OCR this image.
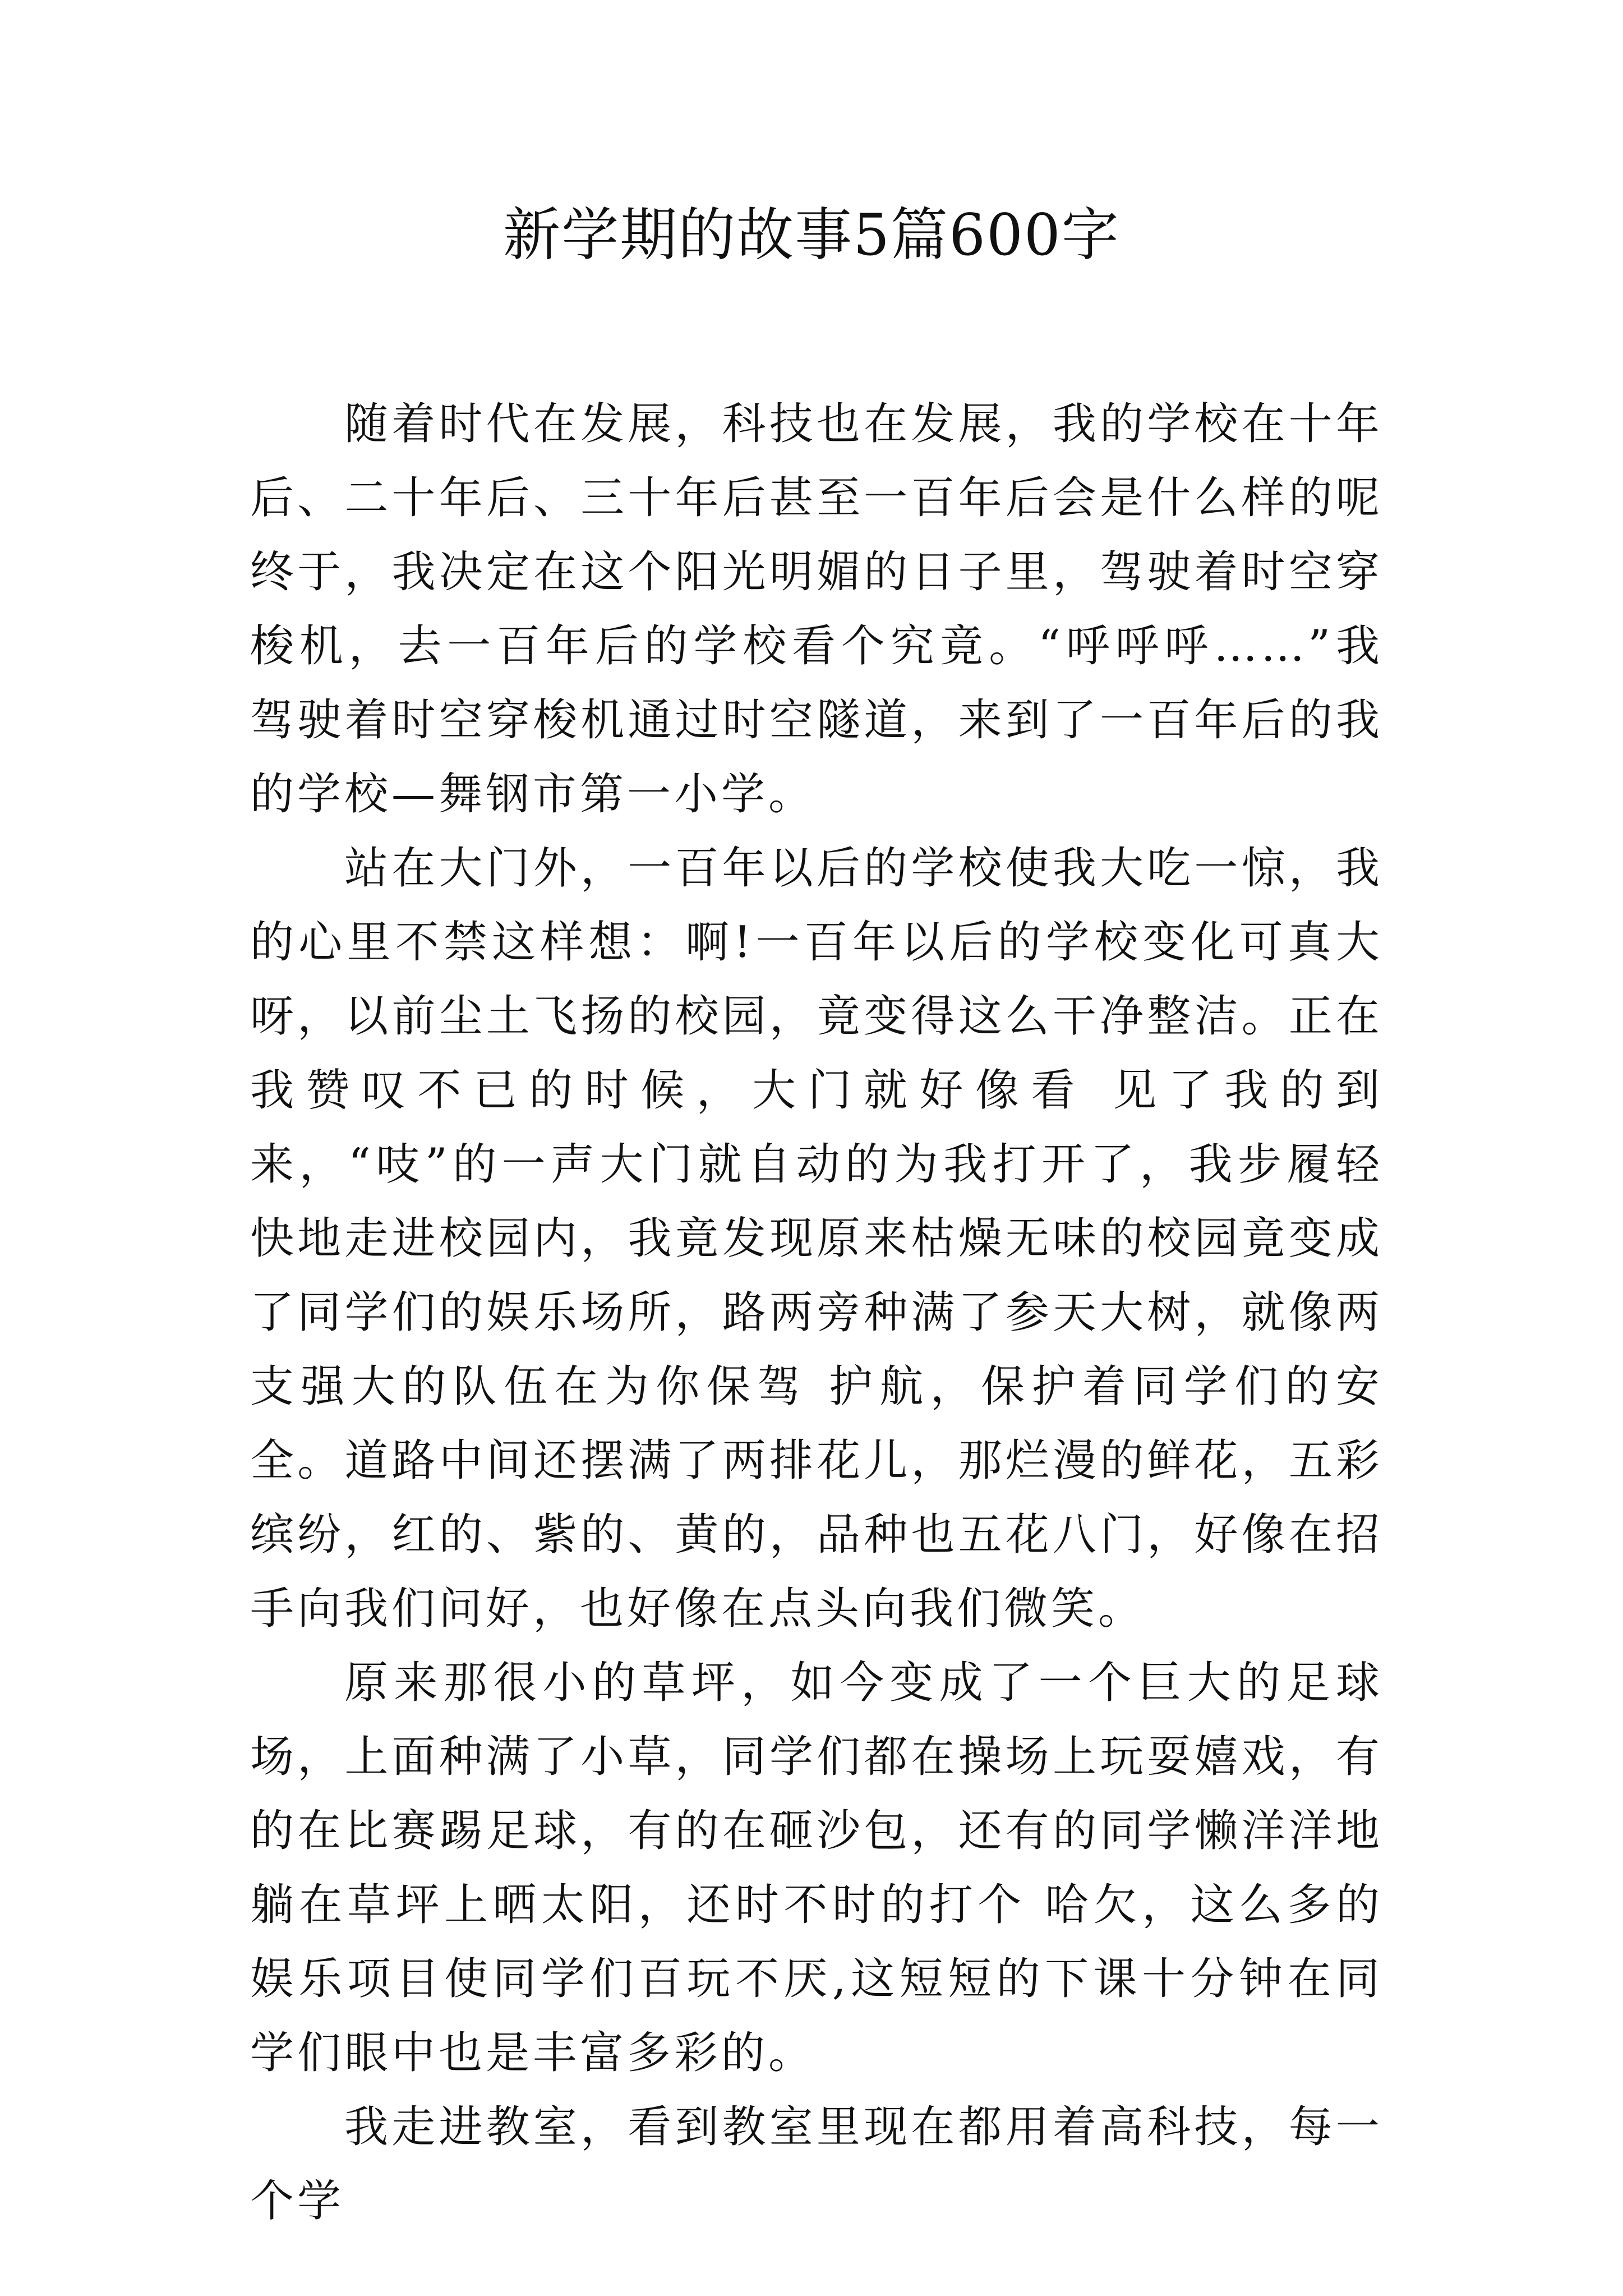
新学期的故事5篇600字

随着时代在发展，科技也在发展，我的学校在十年后、二十年后、三十年后甚至一百年后会是什么样的呢终于，我决定在这个阳光明媚的日子里，驾驶着时空穿梭机，去一百年后的学校看个究竟。“呼呼呼……”我驾驶着时空穿梭机通过时空隧道，来到了一百年后的我的学校—舞钢市第一小学。

站在大门外，一百年以后的学校使我大吃一惊，我的心里不禁这样想：啊!一百年以后的学校变化可真大呀，以前尘土飞扬的校园，竟变得这么干净整洁。正在我赞叹不已的时候，大门就好像看 见了我的到来，“吱”的一声大门就自动的为我打开了，我步履轻快地走进校园内，我竟发现原来枯燥无味的校园竟变成了同学们的娱乐场所，路两旁种满了参天大树，就像两支强大的队伍在为你保驾 护航，保护着同学们的安全。道路中间还摆满了两排花儿，那烂漫的鲜花，五彩缤纷，红的、紫的、黄的，品种也五花八门，好像在招手向我们问好，也好像在点头向我们微笑。

原来那很小的草坪，如今变成了一个巨大的足球场，上面种满了小草，同学们都在操场上玩耍嬉戏，有的在比赛踢足球，有的在砸沙包，还有的同学懒洋洋地躺在草坪上晒太阳，还时不时的打个 哈欠，这么多的娱乐项目使同学们百玩不厌,这短短的下课十分钟在同学们眼中也是丰富多彩的。

我走进教室，看到教室里现在都用着高科技，每一个学
